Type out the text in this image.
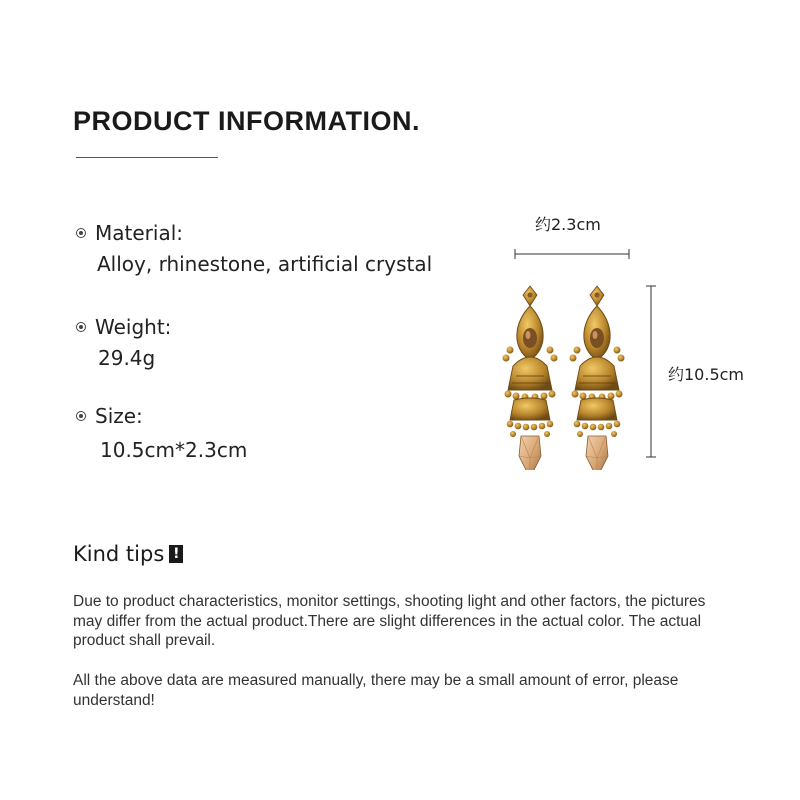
PRODUCT INFORMATION.
Material:
Alloy, rhinestone, artificial crystal
Weight:
29.4g
Size:
10.5cm*2.3cm
约2.3cm
约10.5cm
Kind tips !
Due to product characteristics, monitor settings, shooting light and other factors, the pictures may differ from the actual product.There are slight differences in the actual color. The actual product shall prevail.
All the above data are measured manually, there may be a small amount of error, please understand!
